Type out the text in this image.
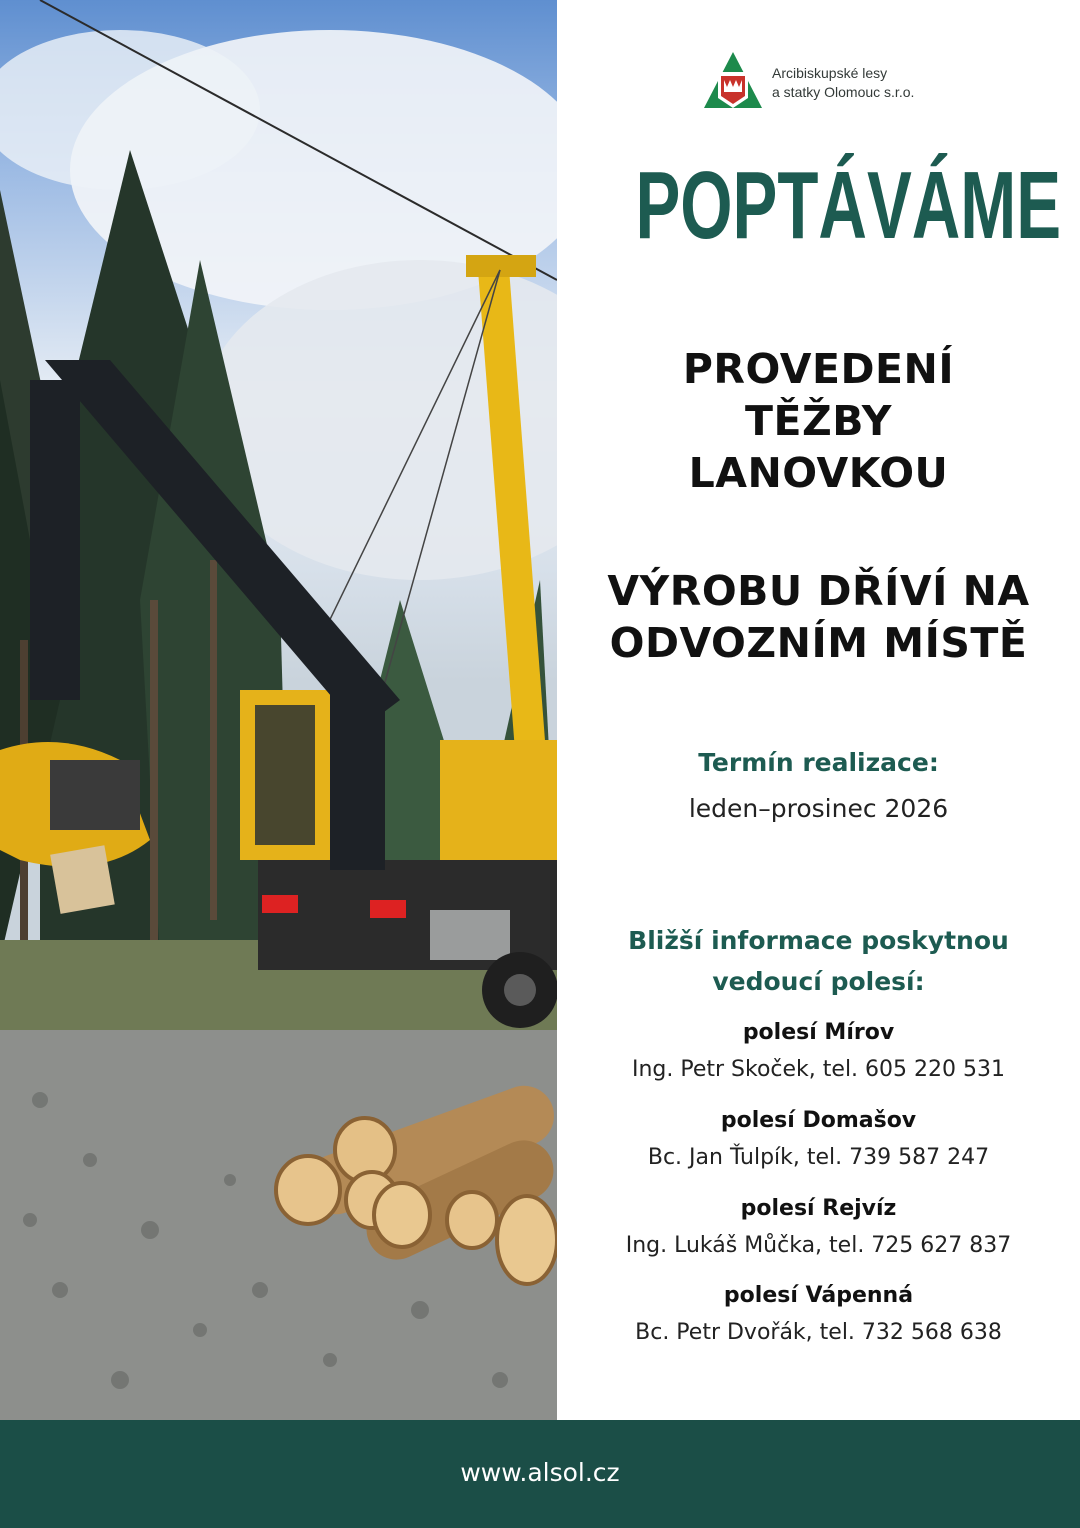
Arcibiskupské lesy
a statky Olomouc s.r.o.
POPTÁVÁME
PROVEDENÍ
TĚŽBY
LANOVKOU
VÝROBU DŘÍVÍ NA
ODVOZNÍM MÍSTĚ
Termín realizace:
leden–prosinec 2026
Bližší informace poskytnou
vedoucí polesí:
polesí Mírov
Ing. Petr Skoček, tel. 605 220 531
polesí Domašov
Bc. Jan Ťulpík, tel. 739 587 247
polesí Rejvíz
Ing. Lukáš Můčka, tel. 725 627 837
polesí Vápenná
Bc. Petr Dvořák, tel. 732 568 638
www.alsol.cz
